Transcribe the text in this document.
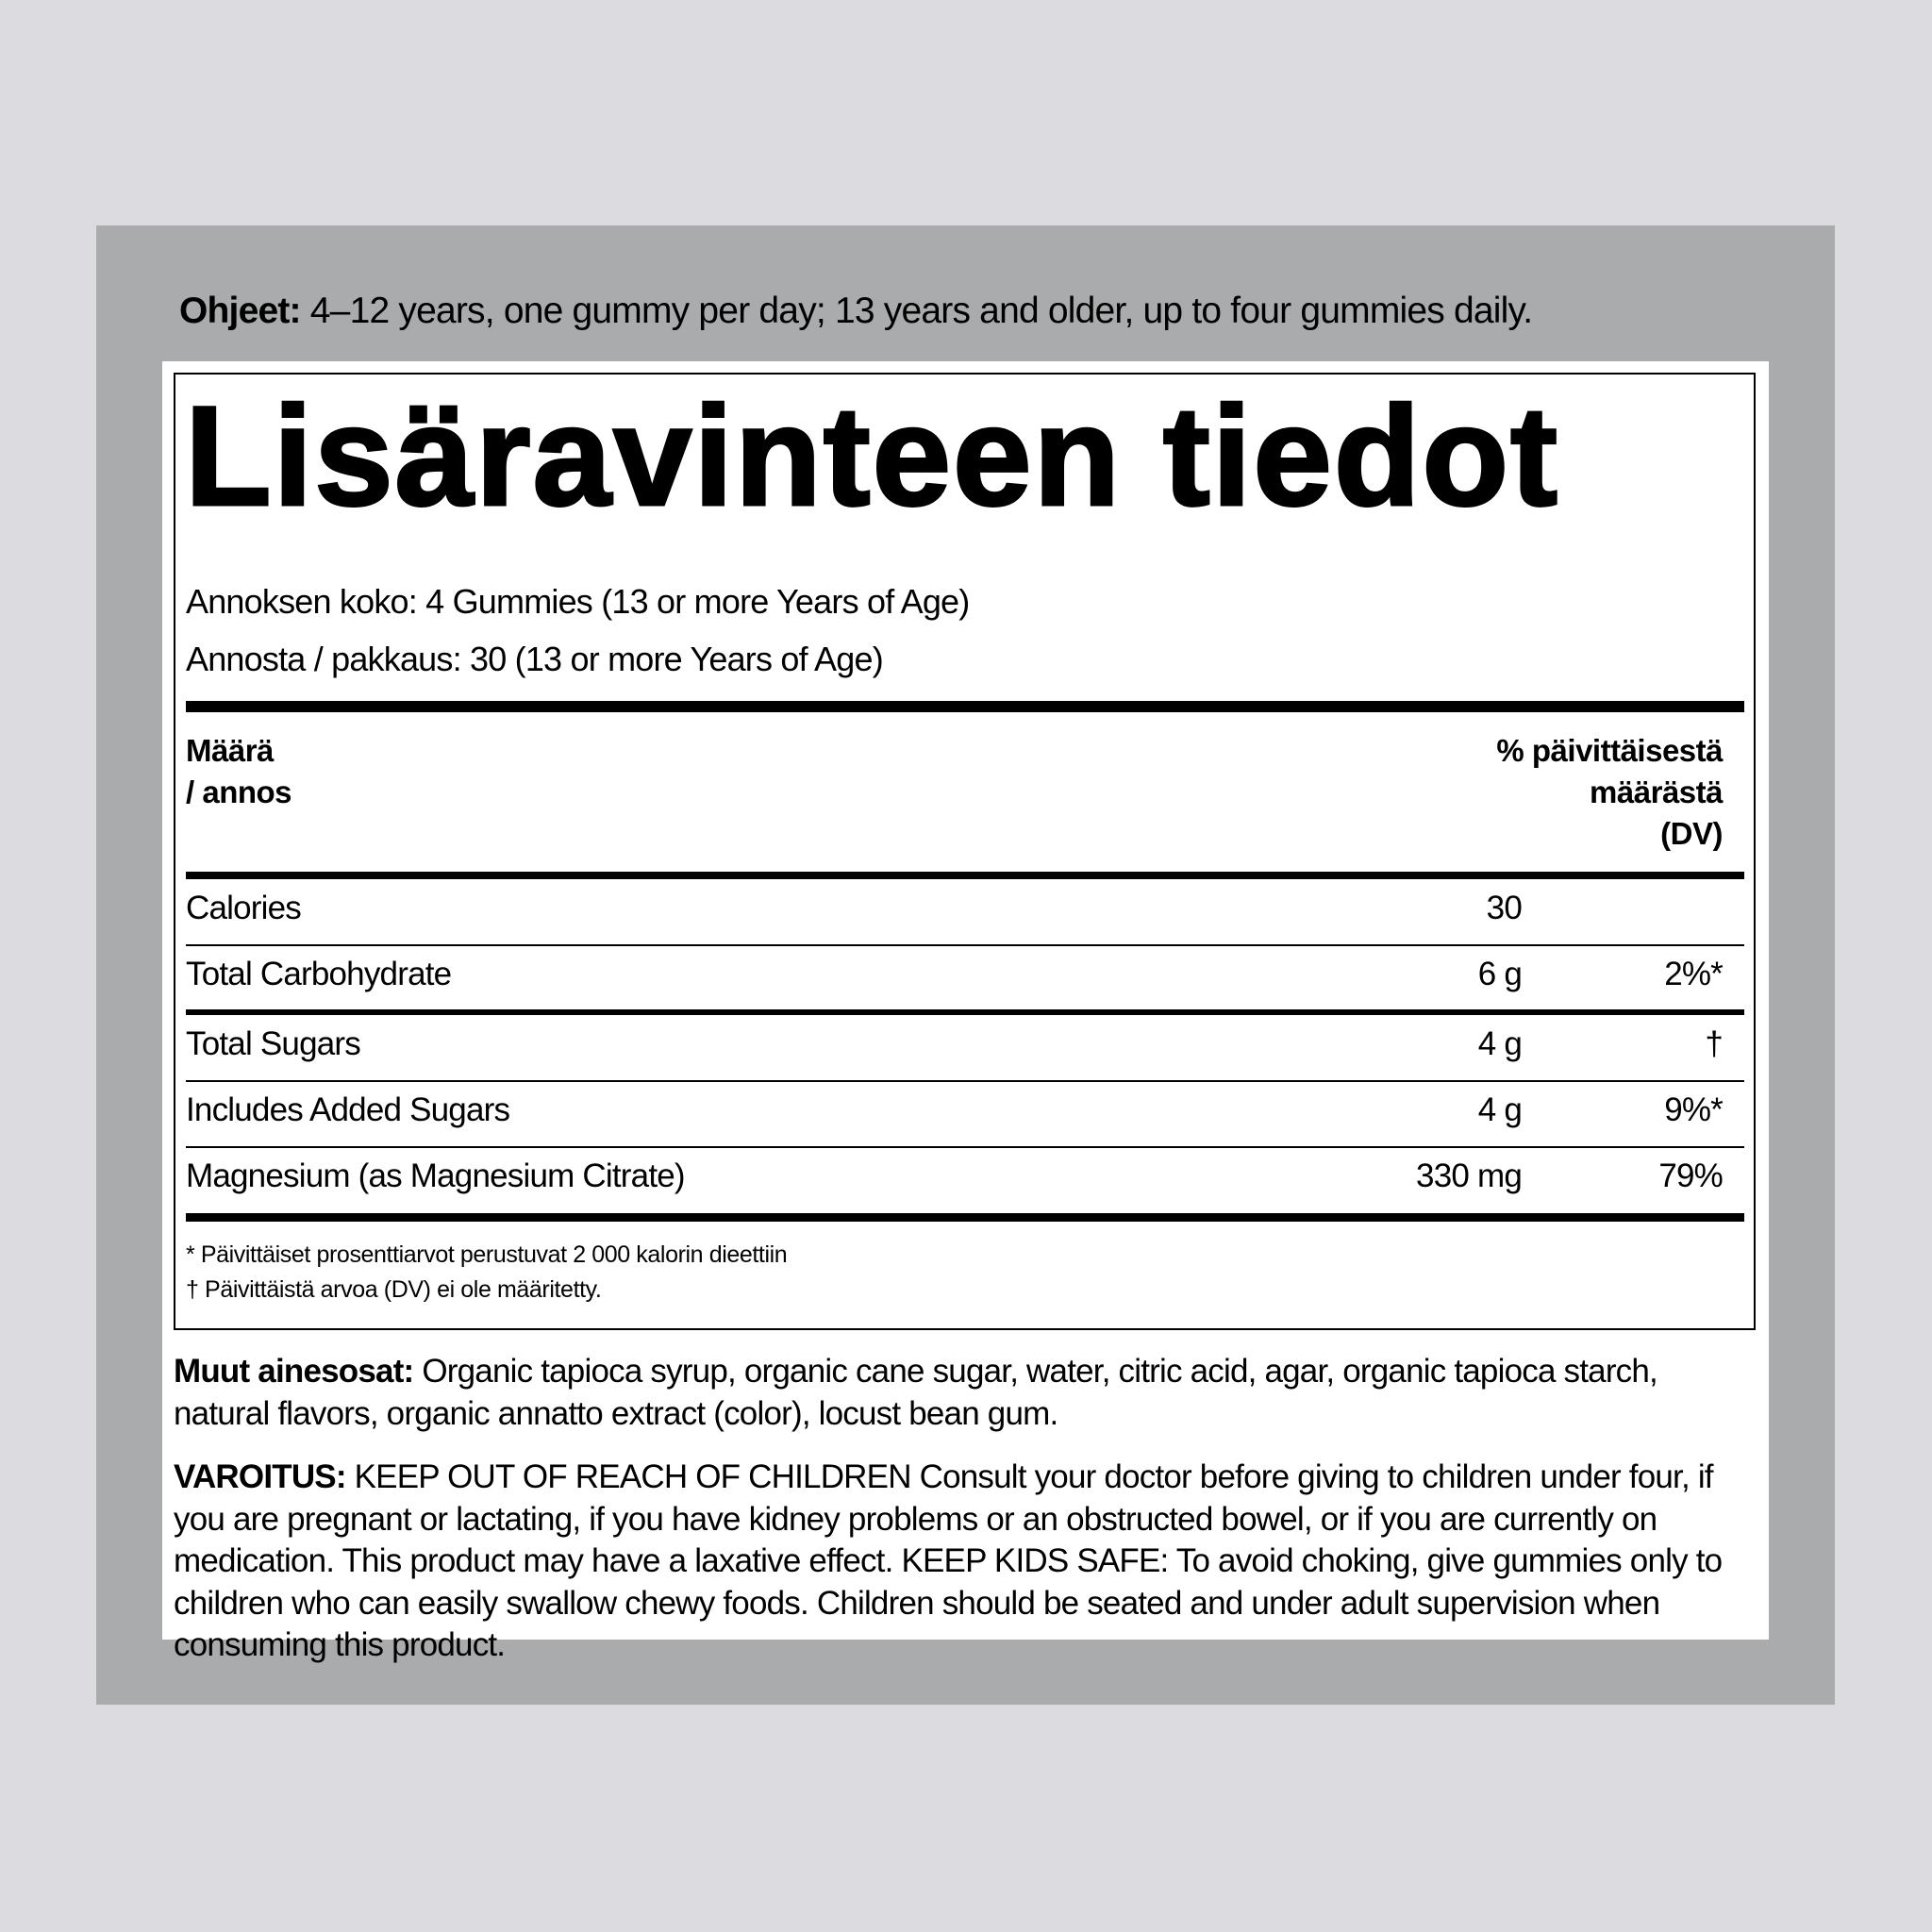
Ohjeet: 4–12 years, one gummy per day; 13 years and older, up to four gummies daily.
Lisäravinteen tiedot
Annoksen koko: 4 Gummies (13 or more Years of Age)
Annosta / pakkaus: 30 (13 or more Years of Age)
Määrä
/ annos
% päivittäisestä
määrästä
(DV)
Calories	30
Total Carbohydrate	6 g	2%*
Total Sugars	4 g	†
Includes Added Sugars	4 g	9%*
Magnesium (as Magnesium Citrate)	330 mg	79%
* Päivittäiset prosenttiarvot perustuvat 2 000 kalorin dieettiin
† Päivittäistä arvoa (DV) ei ole määritetty.
Muut ainesosat: Organic tapioca syrup, organic cane sugar, water, citric acid, agar, organic tapioca starch, natural flavors, organic annatto extract (color), locust bean gum.
VAROITUS: KEEP OUT OF REACH OF CHILDREN Consult your doctor before giving to children under four, if you are pregnant or lactating, if you have kidney problems or an obstructed bowel, or if you are currently on medication. This product may have a laxative effect. KEEP KIDS SAFE: To avoid choking, give gummies only to children who can easily swallow chewy foods. Children should be seated and under adult supervision when consuming this product.
